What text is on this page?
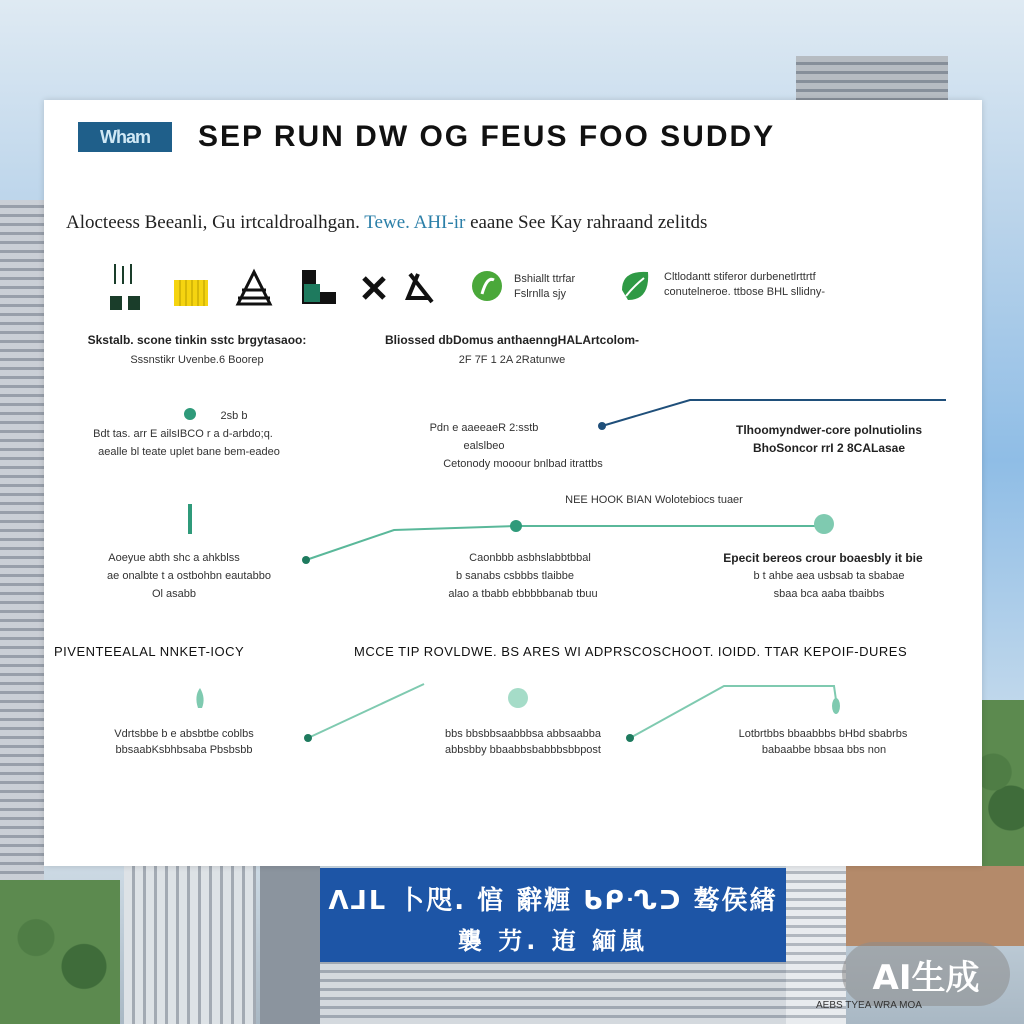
Wham	SEP RUN DW OG FEUS FOO SUDDY
Alocteess Beeanli, Gu irtcaldroalhgan. Tewe. AHI-ir eaane See Kay rahraand zelitds
Bshiallt ttrfar
Fslrnlla sjy
Cltlodantt stiferor durbenetlrttrtf
conutelneroe. ttbose BHL sllidny-
Skstalb. scone tinkin sstc brgytasaoo:
Sssnstikr Uvenbe.6 Boorep
Bliossed dbDomus anthaenngHALArtcolom-
2F 7F 1 2A 2Ratunwe
2sb b
Bdt tas. arr E ailsIBCO r a d-arbdo;q.
aealle bl teate uplet bane bem-eadeo
Pdn e aaeeaeR 2:sstb
ealslbeo
Cetonody mooour bnlbad itrattbs
Tlhoomyndwer-core polnutiolins
BhoSoncor rrI 2 8CALasae
NEE HOOK BIAN Wolotebiocs tuaer
Aoeyue abth shc a ahkblss
ae onalbte t a ostbohbn eautabbo
Ol asabb
Caonbbb asbhslabbtbbal
b sanabs csbbbs tlaibbe
alao a tbabb ebbbbbanab tbuu
Epecit bereos crour boaesbly it bie
b t ahbe aea usbsab ta sbabae
sbaa bca aaba tbaibbs
PIVENTEEALAL NNKET-IOCY	MCCE TIP ROVLDWE. BS ARES WI ADPRSCOSCHOOT. IOIDD. TTAR KEPOIF-DURES
Vdrtsbbe b e absbtbe coblbs
bbsaabKsbhbsaba Pbsbsbb
bbs bbsbbsaabbbsa abbsaabba
abbsbby bbaabbsbabbbsbbpost
Lotbrtbbs bbaabbbs bHbd sbabrbs
babaabbe bbsaa bbs non
ᐱᒧᒪ 卜咫. 㥫 辭糎 ᑲᑭᔗᑐ 骜侯緖
襲 芀. 迶 緬嵐
AI生成
AEBS TYEA WRA MOA
